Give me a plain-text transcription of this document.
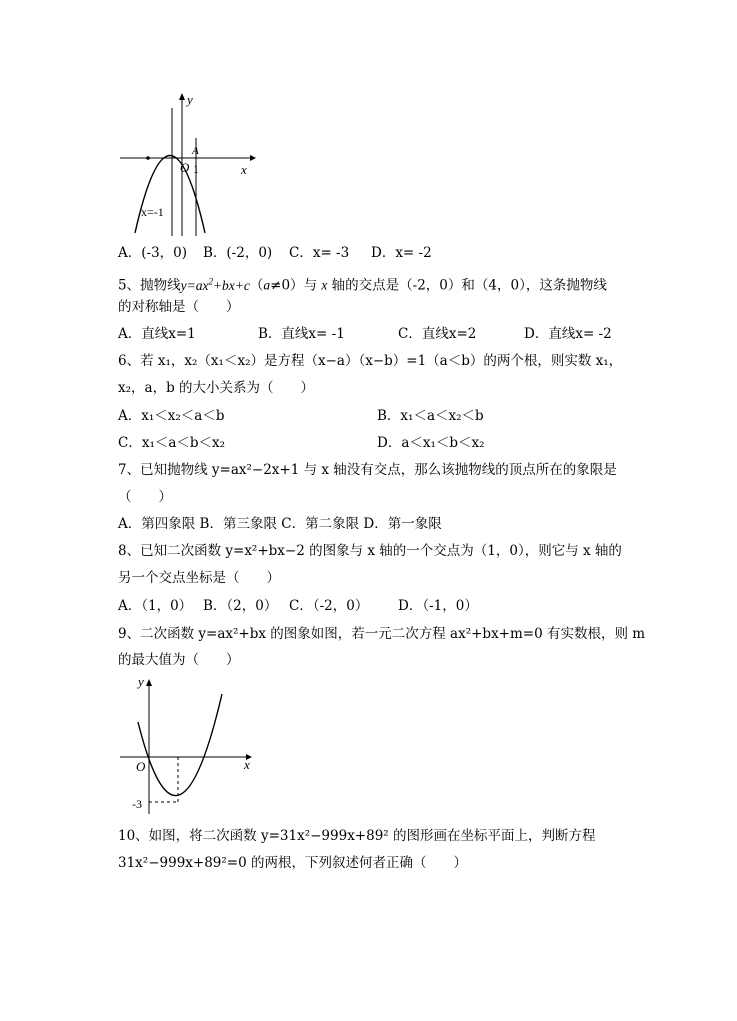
y
x
O
A
1
x=-1
A．(-3，0) B．(-2，0) C．x= -3 D．x= -2
5、抛物线$y=ax^2+bx+c(a\ne 0)$与 x 轴的交点是（-2，0）和（4，0），这条抛物线
的对称轴是（　　）
A．直线x=1	B．直线x= -1	C．直线x=2	D．直线x= -2
6、若 x₁，x₂（x₁＜x₂）是方程（x−a）（x−b）=1（a＜b）的两个根，则实数 x₁，
x₂，a，b 的大小关系为（　　）
A．x₁＜x₂＜a＜b	B．x₁＜a＜x₂＜b
C．x₁＜a＜b＜x₂	D．a＜x₁＜b＜x₂
7、已知抛物线 y=ax²−2x+1 与 x 轴没有交点，那么该抛物线的顶点所在的象限是
（　　）
A．第四象限 B．第三象限 C．第二象限 D．第一象限
8、已知二次函数 y=x²+bx−2 的图象与 x 轴的一个交点为（1，0），则它与 x 轴的
另一个交点坐标是（　　）
A．（1，0） B．（2，0） C．（-2，0） D．（-1，0）
9、二次函数 y=ax²+bx 的图象如图，若一元二次方程 ax²+bx+m=0 有实数根，则 m
的最大值为（　　）
y
x
O
-3
10、如图，将二次函数 y=31x²−999x+89² 的图形画在坐标平面上，判断方程
31x²−999x+89²=0 的两根，下列叙述何者正确（　　）
